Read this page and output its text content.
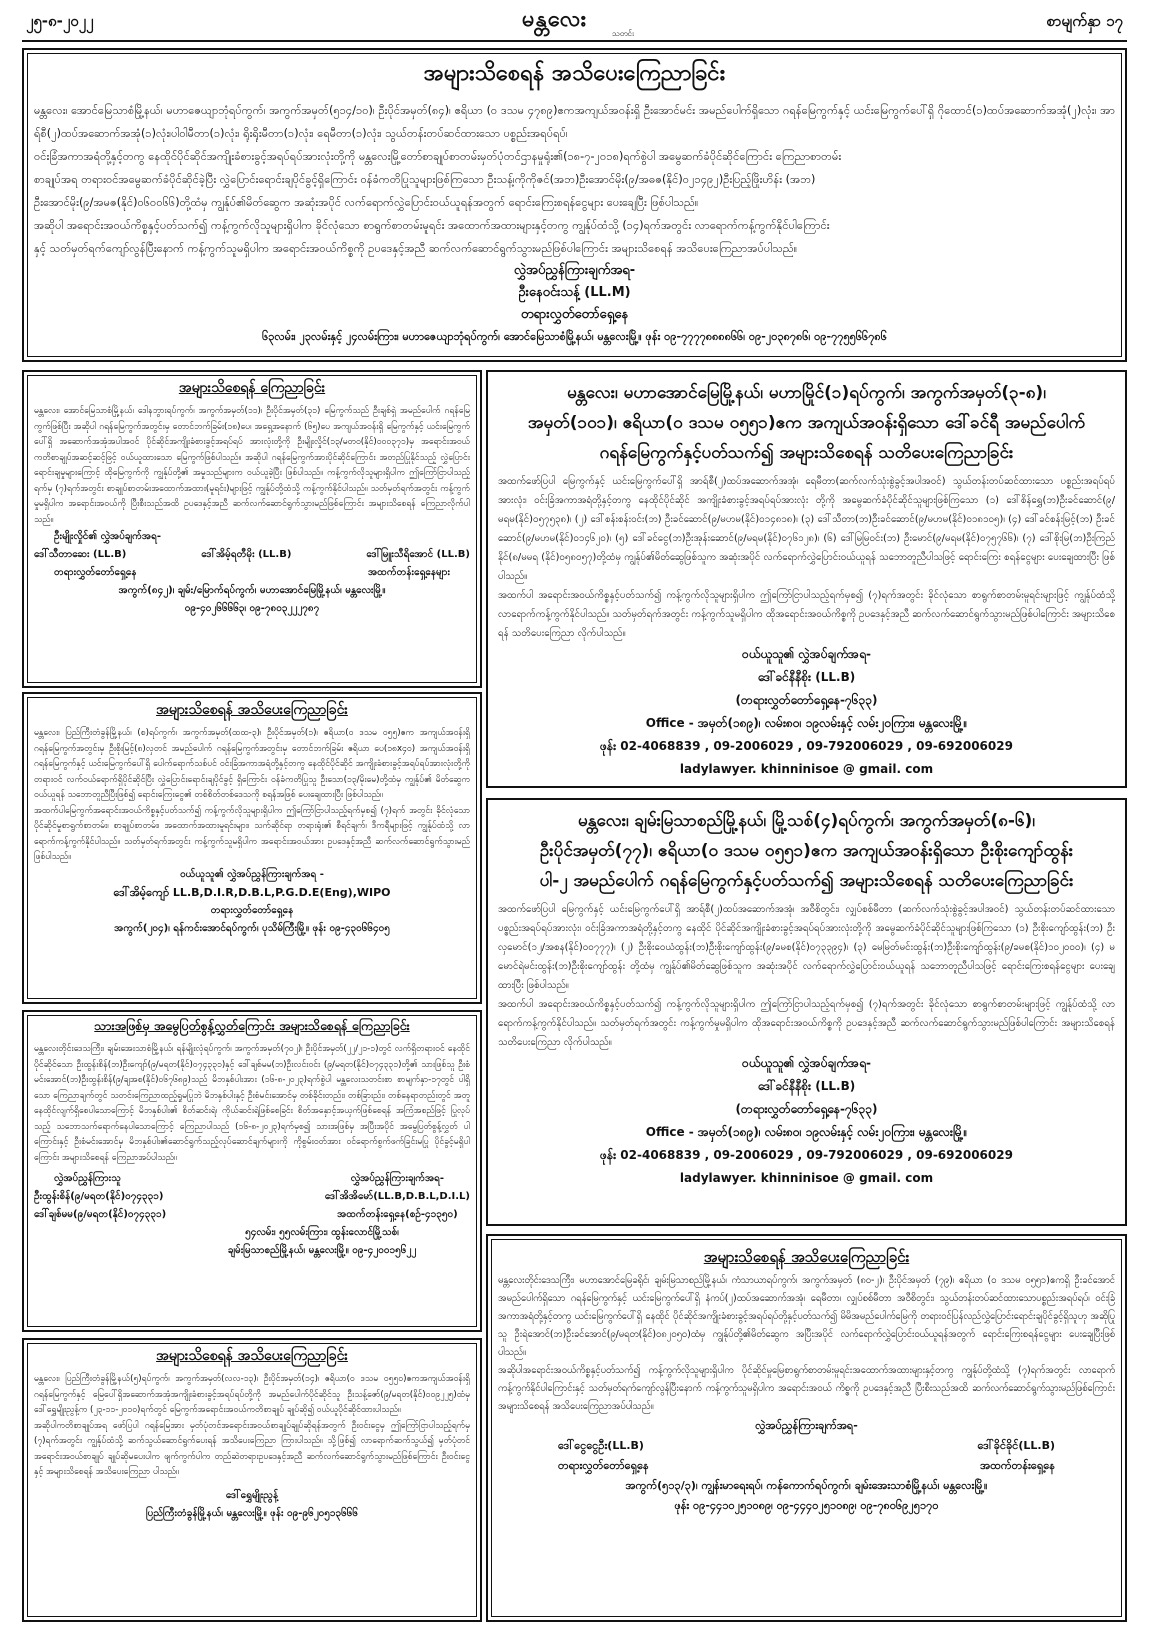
၂၅-၈-၂၀၂၂	မန္တလေး
သတင်း
စာမျက်နှာ ၁၇
အများသိစေရန် အသိပေးကြေညာခြင်း

မန္တလေး၊ အောင်မြေသာစံမြို့နယ်၊ မဟာဇေယျာဘုံရပ်ကွက်၊ အကွက်အမှတ်(၅၁၄/၁၀)၊ ဦးပိုင်အမှတ်(၈၄)၊ ဧရိယာ (၀ ဒသမ ၄၇၈၉)ဧကအကျယ်အဝန်းရှိ ဦးအောင်မင်း အမည်ပေါက်ရှိသော ဂရန်မြေကွက်နှင့် ယင်းမြေကွက်ပေါ်ရှိ ဂိုထောင်(၁)ထပ်အဆောက်အအုံ(၂)လုံး၊ အာရ်စီ(၂)ထပ်အဆောက်အအုံ(၁)လုံး၊ပါဝါမီတာ(၁)လုံး၊ ရိုးရိုးမီတာ(၁)လုံး၊ ရေမီတာ(၁)လုံး၊ သွယ်တန်းတပ်ဆင်ထားသော ပစ္စည်းအရပ်ရပ်၊

ဝင်းခြံအကာအရံတို့နှင့်တကွ နေထိုင်ပိုင်ဆိုင်အကျိုးခံစားခွင့်အရပ်ရပ်အားလုံးတို့ကို မန္တလေးမြို့တော်စာချုပ်စာတမ်းမှတ်ပုံတင်ဌာနမှုရုံး၏(၁၈-၇-၂၀၁၈)ရက်စွဲပါ အမွေဆက်ခံပိုင်ဆိုင်ကြောင်း ကြေညာစာတမ်း

စာချုပ်အရ တရားဝင်အမွေဆက်ခံပိုင်ဆိုင်ခဲ့ပြီး လွှဲပြောင်းရောင်းချပိုင်ခွင့်ရှိကြောင်း ဝန်ခံကတိပြုသူများဖြစ်ကြသော ဦးသန့်၊ကိုကိုဇင်(အဘ)ဦးအောင်မိုး(၉/အဓဇ(နိုင်)၀၂၁၄၉၂)ဦးပြည့်ဖြိုးဟိန်း (အဘ)

ဦးအောင်မိုး(၉/အမဇ(နိုင်)၀၆၀၀၆၆)တို့ထံမှ ကျွန်ုပ်၏မိတ်ဆွေက အဆုံးအပိုင် လက်ရောက်လွှဲပြောင်းဝယ်ယူရန်အတွက် ရောင်းကြေးစရန်ငွေများ ပေးချေပြီး ဖြစ်ပါသည်။

အဆိုပါ အရောင်းအဝယ်ကိစ္စနှင့်ပတ်သက်၍ ကန့်ကွက်လိုသူများရှိပါက ခိုင်လုံသော စာရွက်စာတမ်းမူရင်း အထောက်အထားများနှင့်တကွ ကျွန်ုပ်ထံသို့ (၁၄)ရက်အတွင်း လာရောက်ကန့်ကွက်နိုင်ပါကြောင်း

နှင့် သတ်မှတ်ရက်ကျော်လွန်ပြီးနောက် ကန့်ကွက်သူမရှိပါက အရောင်းအဝယ်ကိစ္စကို ဥပဒေနှင့်အညီ ဆက်လက်ဆောင်ရွက်သွားမည်ဖြစ်ပါကြောင်း အများသိစေရန် အသိပေးကြေညာအပ်ပါသည်။

လွှဲအပ်ညွှန်ကြားချက်အရ-
ဦးနေဝင်းသန့် (LL.M)
တရားလွှတ်တော်ရှေ့နေ
၆၃လမ်း၊ ၂၃လမ်းနှင့် ၂၄လမ်းကြား၊ မဟာဇေယျာဘုံရပ်ကွက်၊ အောင်မြေသာစံမြို့နယ်၊ မန္တလေးမြို့။ ဖုန်း ၀၉-၇၇၇၇၈၈၈၈၆၆၊ ၀၉-၂၀၃၈၇၈၆၊ ၀၉-၇၇၅၅၆၆၇၈၆
အများသိစေရန် ကြေညာခြင်း
မန္တလေး၊ အောင်မြေသာစံမြို့နယ်၊ ဒေါနဘွားရပ်ကွက်၊ အကွက်အမှတ်(၁၁)၊ ဦးပိုင်အမှတ်(၃၁) မြေကွက်သည် ဦးချစ်ရှဲ အမည်ပေါက် ဂရန်မြေကွက်ဖြစ်ပြီး အဆိုပါ ဂရန်မြေကွက်အတွင်းမှ တောင်ဘက်ခြမ်း(၁၈)ပေ၊ အရှေ့အနောက် (၆၅)ပေ အကျယ်အဝန်းရှိ မြေကွက်နှင့် ယင်းမြေကွက်ပေါ်ရှိ အဆောက်အအုံအပါအဝင် ပိုင်ဆိုင်အကျိုးခံစားခွင့်အရပ်ရပ် အားလုံးတို့ကို ဦးမျိုးလှိုင်(၁၃/မတဝ(နိုင်)၀၀၀၃၇၁)မှ အရောင်းအဝယ်ကတိစာချုပ်အဆင့်ဆင့်ဖြင့် ဝယ်ယူထားသော မြေကွက်ဖြစ်ပါသည်။ အဆိုပါ ဂရန်မြေကွက်အားပိုင်ဆိုင်ကြောင်း အတည်ပြုနိုင်သည့် လွှဲပြောင်းရောင်းချမှုများကြောင့် ထိုမြေကွက်ကို ကျွန်ုပ်တို့၏ အမှုသည်များက ဝယ်ယူခဲ့ပြီး ဖြစ်ပါသည်။ ကန့်ကွက်လိုသူများရှိပါက ဤကြော်ငြာပါသည့်ရက်မှ (၇)ရက်အတွင်း စာချုပ်စာတမ်းအထောက်အထား(မူရင်း)များဖြင့် ကျွန်ုပ်တို့ထံသို့ ကန့်ကွက်နိုင်ပါသည်။ သတ်မှတ်ရက်အတွင်း ကန့်ကွက်မှုမရှိပါက အရောင်းအဝယ်ကို ပြီးစီးသည်အထိ ဥပဒေနှင့်အညီ ဆက်လက်ဆောင်ရွက်သွားမည်ဖြစ်ကြောင်း အများသိစေရန် ကြေညာလိုက်ပါသည်။
ဦးမျိုးလှိုင်၏ လွှဲအပ်ချက်အရ-
ဒေါ်သီတာဆေး (LL.B)	ဒေါ်အိမ့်ရတီမိုး (LL.B)	ဒေါ်မြူးသီရိအောင် (LL.B)
တရားလွှတ်တော်ရှေ့နေ	အထက်တန်းရှေ့နေများ
အကွက်(၈၄၂)၊ ချမ်း/မြောက်ရပ်ကွက်၊ မဟာအောင်မြေမြို့နယ်၊ မန္တလေးမြို့။
၀၉-၄၀၂၆၆၆၆၃၊ ၀၉-၇၈၀၃၂၂၂၇၈၇
အများသိစေရန် အသိပေးကြေညာခြင်း

မန္တလေး၊ ပြည်ကြီးတံခွန်မြို့နယ်၊ (စ)ရပ်ကွက်၊ အကွက်အမှတ်(ထထ-၃)၊ ဦးပိုင်အမှတ်(၁)၊ ဧရိယာ(၀ ဒသမ ၀၅၅)ဧက အကျယ်အဝန်းရှိ ဂရန်မြေကွက်အတွင်းမှ ဦးစိုးမြင့်(၈)လှတင် အမည်ပေါက် ဂရန်မြေကွက်အတွင်းမှ တောင်ဘက်ခြမ်း ဧရိယာ ပေ(၁၈x၄၀) အကျယ်အဝန်းရှိ ဂရန်မြေကွက်နှင့် ယင်းမြေကွက်ပေါ်ရှိ ပေါက်ရောက်သစ်ပင် ဝင်းခြံအကာအရံတို့နှင့်တကွ နေထိုင်ပိုင်ဆိုင် အကျိုးခံစားခွင့်အရပ်ရပ်အားလုံးတို့ကို တရားဝင် လက်ဝယ်ရောက်ရှိပိုင်ဆိုင်ပြီး လွှဲပြောင်းရောင်းချပိုင်ခွင့် ရှိကြောင်း ဝန်ခံကတိပြုသူ ဦးသော(၁၃/မိုးမေ)တို့ထံမှ ကျွန်ုပ်၏ မိတ်ဆွေက ဝယ်ယူရန် သဘောတူညီပြီးဖြစ်၍ ရောင်းကြေးငွေ၏ တစ်စိတ်တစ်ဒေသကို စရန်အဖြစ် ပေးချေထားပြီး ဖြစ်ပါသည်။

အထက်ပါမြေကွက်အရောင်းအဝယ်ကိစ္စနှင့်ပတ်သက်၍ ကန့်ကွက်လိုသူများရှိပါက ဤကြော်ငြာပါသည့်ရက်မှစ၍ (၇)ရက် အတွင်း ခိုင်လုံသောပိုင်ဆိုင်မှုစာရွက်စာတမ်း၊ စာချုပ်စာတမ်း၊ အထောက်အထားမူရင်းများ၊ သက်ဆိုင်ရာ တရားရုံး၏ စီရင်ချက်၊ ဒီကရီများဖြင့် ကျွန်ုပ်ထံသို့ လာရောက်ကန့်ကွက်နိုင်ပါသည်။ သတ်မှတ်ရက်အတွင်း ကန့်ကွက်သူမရှိပါက အရောင်းအဝယ်အား ဥပဒေနှင့်အညီ ဆက်လက်ဆောင်ရွက်သွားမည်ဖြစ်ပါသည်။

ဝယ်ယူသူ၏ လွှဲအပ်ညွှန်ကြားချက်အရ -
ဒေါ်အိမ့်ကျော် LL.B,D.I.R,D.B.L,P.G.D.E(Eng),WIPO
တရားလွှတ်တော်ရှေ့နေ
အကွက်(၂၀၄)၊ ရန်ကင်းအောင်ရပ်ကွက်၊ ပုသိမ်ကြီးမြို့။ ဖုန်း ၀၉-၄၃၀၆၆၄၀၅
သားအဖြစ်မှ အမွေပြတ်စွန့်လွှတ်ကြောင်း အများသိစေရန် ကြေညာခြင်း
မန္တလေးတိုင်းဒေသကြီး၊ ချမ်းအေးသာစံမြို့နယ်၊ ရန်မျိုးလုံရပ်ကွက်၊ အကွက်အမှတ်(၇၀၂)၊ ဦးပိုင်အမှတ်(၂၂/၂၁-၁)တွင် လက်ရှိတရားဝင် နေထိုင်ပိုင်ဆိုင်သော ဦးထွန်းစိန်(ဘ)ဦးကျော်(၉/မရတ(နိုင်)၀၇၄၃၃၁)နှင့် ဒေါ်ချစ်မမ(ဘ)ဦးလင်းဝင်း (၉/မရတ(နိုင်)၀၇၄၃၃၁)တို့၏ သားဖြစ်သူ ဦးစံမင်းအောင်(ဘ)ဦးထွန်းစိန်(၉/ချအစ(နိုင်)၀၆၇၆၈၉)သည် မိဘနှစ်ပါးအား (၁၆-၈-၂၀၂၃)ရက်စွဲပါ မန္တလေးသတင်းစာ စာမျက်နှာ-၁၇တွင် ပါရှိသော ကြေညာချက်တွင် သတင်းကြေညာထည့်ရှုမပြုဘဲ မိဘနှစ်ပါးနှင့် ဦးစံမင်းအောင်မှ တစ်ခိုင်းတည်း၊ တစ်ခြားည်း၊ တစ်နေရာတည်းတွင် အတူနေထိုင်လျက်ရှိစေပါသောကြောင့် မိဘနှစ်ပါး၏ စိတ်ဆင်းရဲ၊ ကိုယ်ဆင်းရဲဖြစ်စေခြင်း စိတ်အနှောင့်အယှက်ဖြစ်စေရန် အကြံအစည်ဖြင့် ပြုလုပ်သည့် သဘောသက်ရောက်နေပါသောကြောင့် ကြေညာပါသည် (၁၆-၈-၂၀၂၃)ရက်မှစ၍ သားအဖြစ်မှ အပြီးအပိုင် အမွေပြတ်စွန့်လွှတ် ပါကြောင်းနှင့် ဦးစံမင်းအောင်မှ မိဘနှစ်ပါး၏ဆောင်ရွက်သည့်လုပ်ဆောင်ချက်များကို ကိုစွမ်းဝတ်အား ဝင်ရောက်စွက်ဖက်ခြင်းမပြု ပိုင်ခွင့်မရှိပါကြောင်း အများသိစေရန် ကြေညာအပ်ပါသည်။
လွှဲအပ်ညွှန်ကြားသူ
ဦးထွန်းစိန်(၉/မရတ(နိုင်)၀၇၄၃၃၁)
ဒေါ်ချစ်မမ(၉/မရတ(နိုင်)၀၇၄၃၃၁)
လွှဲအပ်ညွှန်ကြားချက်အရ-
ဒေါ်အိအိမော်(LL.B,D.B.L,D.I.L)
အထက်တန်းရှေ့နေ(စဉ်-၄၁၃၅၀)
၅၄လမ်း၊ ၅၅လမ်းကြား၊ ထွန်းလောင်မြို့သစ်၊
ချမ်းမြသာစည်မြို့နယ်၊ မန္တလေးမြို့။ ၀၉-၄၂၀၀၁၅၆၂၂
အများသိစေရန် အသိပေးကြေညာခြင်း

မန္တလေး၊ ပြည်ကြီးတံခွန်မြို့နယ်(၅)ရပ်ကွက်၊ အကွက်အမှတ်(လလ-၁၃)၊ ဦးပိုင်အမှတ်(၁၄)၊ ဧရိယာ(၀ ဒသမ ၀၅၅၀)ဧကအကျယ်အဝန်းရှိ ဂရန်မြေကွက်နှင့် မြေပေါ်ရှိအဆောက်အအုံအကျိုးခံစားခွင့်အရပ်ရပ်တို့ကို အမည်ပေါက်ပိုင်ဆိုင်သူ ဦးသန့်ဇော်(၉/မရတ(နိုင်)၀၀၉၂၂၅)ထံမှ ဒေါ်ရွှေမျိုးညွန့်က (၂၃-၁၁-၂၀၁၀)ရက်တွင် မြေကွက်အရောင်းအဝယ်ကတိစာချုပ် ချုပ်ဆို၍ ဝယ်ယူပိုင်ဆိုင်ထားပါသည်။

အဆိုပါကတိစာချုပ်အရ ဖော်ပြပါ ဂရန်မြေအား မှတ်ပုံတင်အရောင်းအဝယ်စာချုပ်ချုပ်ဆိုရန်အတွက် ဦးဝင်းငွေမှ ဤကြော်ငြာပါသည့်ရက်မှ (၇)ရက်အတွင်း ကျွန်ုပ်ထံသို့ ဆက်သွယ်ဆောင်ရွက်ပေးရန် အသိပေးကြေညာ ကြားပါသည်။ သို့ဖြစ်၍ လာရောက်ဆက်သွယ်၍ မှတ်ပုံတင်အရောင်းအဝယ်စာချုပ် ချုပ်ဆိုမပေးပါက ဖျက်ကွက်ပါက တည်ဆဲတရားဥပဒေနှင့်အညီ ဆက်လက်ဆောင်ရွက်သွားမည်ဖြစ်ကြောင်း ဦးဝင်းငွေနှင့် အများသိစေရန် အသိပေးကြေညာ ပါသည်။

ဒေါ်ရွှေမျိုးညွန့်
ပြည်ကြီးတံခွန်မြို့နယ်၊ မန္တလေးမြို့။ ဖုန်း ၀၉-၉၆၂၀၅၁၃၆၆၆
မန္တလေး၊ မဟာအောင်မြေမြို့နယ်၊ မဟာမြိုင်(၁)ရပ်ကွက်၊ အကွက်အမှတ်(၃-၈)၊
အမှတ်(၁၀၁)၊ ဧရိယာ(၀ ဒသမ ၀၅၅၁)ဧက အကျယ်အဝန်းရှိသော ဒေါ်ခင်ရီ အမည်ပေါက်
ဂရန်မြေကွက်နှင့်ပတ်သက်၍ အများသိစေရန် သတိပေးကြေညာခြင်း

အထက်ဖော်ပြပါ မြေကွက်နှင့် ယင်းမြေကွက်ပေါ်ရှိ အာရ်စီ(၂)ထပ်အဆောက်အအုံ၊ ရေမီတာ(ဆက်လက်သုံးစွဲခွင့်အပါအဝင်) သွယ်တန်းတပ်ဆင်ထားသော ပစ္စည်းအရပ်ရပ်အားလုံး၊ ဝင်းခြံအကာအရံတို့နှင့်တကွ နေထိုင်ပိုင်ဆိုင် အကျိုးခံစားခွင့်အရပ်ရပ်အားလုံး တို့ကို အမွေဆက်ခံပိုင်ဆိုင်သူများဖြစ်ကြသော (၁) ဒေါ်စိန်ရွှေ(ဘ)ဦးခင်ဆောင်(၉/မရမ(နိုင်)၀၅၇၅၃၈)၊ (၂) ဒေါ်စန်းစန်းဝင်း(ဘ) ဦးခင်ဆောင်(၉/မဟမ(နိုင်)၀၁၄၈၁၈)၊ (၃) ဒေါ်သီတာ(ဘ)ဦးခင်ဆောင်(၉/မဟမ(နိုင်)၀၁၈၁၀၅)၊ (၄) ဒေါ်ခင်စန်းမြင့်(ဘ) ဦးခင်ဆောင်(၉/မဟမ(နိုင်)၀၁၄၆၂၀)၊ (၅) ဒေါ်ခင်ငွေ(ဘ)ဦးအုန်းဆောင်(၉/မရမ(နိုင်)၀၇၆၁၂၈)၊ (၆) ဒေါ်မြမြဝင်း(ဘ) ဦးမောင်(၉/မရမ(နိုင်)၀၇၅၇၆၆)၊ (၇) ဒေါ်စိုးမြ(ဘ)ဦးကြည်နိုင်(၈/မမရ (နိုင်)၀၅၈၀၅၇)တို့ထံမှ ကျွန်ုပ်၏မိတ်ဆွေဖြစ်သူက အဆုံးအပိုင် လက်ရောက်လွှဲပြောင်းဝယ်ယူရန် သဘောတူညီပါသဖြင့် ရောင်းကြေး စရန်ငွေများ ပေးချေထားပြီး ဖြစ်ပါသည်။

အထက်ပါ အရောင်းအဝယ်ကိစ္စနှင့်ပတ်သက်၍ ကန့်ကွက်လိုသူများရှိပါက ဤကြော်ငြာပါသည့်ရက်မှစ၍ (၇)ရက်အတွင်း ခိုင်လုံသော စာရွက်စာတမ်းမူရင်းများဖြင့် ကျွန်ုပ်ထံသို့ လာရောက်ကန့်ကွက်နိုင်ပါသည်။ သတ်မှတ်ရက်အတွင်း ကန့်ကွက်သူမရှိပါက ထိုအရောင်းအဝယ်ကိစ္စကို ဥပဒေနှင့်အညီ ဆက်လက်ဆောင်ရွက်သွားမည်ဖြစ်ပါကြောင်း အများသိစေရန် သတိပေးကြေညာ လိုက်ပါသည်။

ဝယ်ယူသူ၏ လွှဲအပ်ချက်အရ-
ဒေါ်ခင်နီနီစိုး (LL.B)
(တရားလွှတ်တော်ရှေ့နေ-၇၆၃၃)
Office - အမှတ်(၁၈၉)၊ လမ်း၈၀၊ ၁၉လမ်းနှင့် လမ်း၂၀ကြား၊ မန္တလေးမြို့။
ဖုန်း 02-4068839 , 09-2006029 , 09-792006029 , 09-692006029
ladylawyer. khinninisoe @ gmail. com
မန္တလေး၊ ချမ်းမြသာစည်မြို့နယ်၊ မြို့သစ်(၄)ရပ်ကွက်၊ အကွက်အမှတ်(၈-၆)၊
ဦးပိုင်အမှတ်(၇၇)၊ ဧရိယာ(၀ ဒသမ ၀၅၅၁)ဧက အကျယ်အဝန်းရှိသော ဦးစိုးကျော်ထွန်း
ပါ-၂ အမည်ပေါက် ဂရန်မြေကွက်နှင့်ပတ်သက်၍ အများသိစေရန် သတိပေးကြေညာခြင်း

အထက်ဖော်ပြပါ မြေကွက်နှင့် ယင်းမြေကွက်ပေါ်ရှိ အာရ်စီ(၂)ထပ်အဆောက်အအုံ၊ အဝီစိတွင်း၊ လျှပ်စစ်မီတာ (ဆက်လက်သုံးစွဲခွင့်အပါအဝင်) သွယ်တန်းတပ်ဆင်ထားသော ပစ္စည်းအရပ်ရပ်အားလုံး၊ ဝင်းခြံအကာအရံတို့နှင့်တကွ နေထိုင် ပိုင်ဆိုင်အကျိုးခံစားခွင့်အရပ်ရပ်အားလုံးတို့ကို အမွေဆက်ခံပိုင်ဆိုင်သူများဖြစ်ကြသော (၁) ဦးစိုးကျော်ထွန်း(ဘ) ဦးလှမောင်(၁၂/အစန(နိုင်)၀၀၇၇၇)၊ (၂) ဦးစိုးဝေယံထွန်း(ဘ)ဦးစိုးကျော်ထွန်း(၉/ခမစ(နိုင်)၀၇၃၃၉၄)၊ (၃) မေမြတ်မင်းထွန်း(ဘ)ဦးစိုးကျော်ထွန်း(၉/ခမစ(နိုင်)၁၀၂၀၀၀)၊ (၄) မမောင်ရဲမင်းထွန်း(ဘ)ဦးစိုးကျော်ထွန်း တို့ထံမှ ကျွန်ုပ်၏မိတ်ဆွေဖြစ်သူက အဆုံးအပိုင် လက်ရောက်လွှဲပြောင်းဝယ်ယူရန် သဘောတူညီပါသဖြင့် ရောင်းကြေးစရန်ငွေများ ပေးချေထားပြီး ဖြစ်ပါသည်။

အထက်ပါ အရောင်းအဝယ်ကိစ္စနှင့်ပတ်သက်၍ ကန့်ကွက်လိုသူများရှိပါက ဤကြော်ငြာပါသည့်ရက်မှစ၍ (၇)ရက်အတွင်း ခိုင်လုံသော စာရွက်စာတမ်းများဖြင့် ကျွန်ုပ်ထံသို့ လာရောက်ကန့်ကွက်နိုင်ပါသည်။ သတ်မှတ်ရက်အတွင်း ကန့်ကွက်မှုမရှိပါက ထိုအရောင်းအဝယ်ကိစ္စကို ဥပဒေနှင့်အညီ ဆက်လက်ဆောင်ရွက်သွားမည်ဖြစ်ပါကြောင်း အများသိစေရန် သတိပေးကြေညာ လိုက်ပါသည်။

ဝယ်ယူသူ၏ လွှဲအပ်ချက်အရ-
ဒေါ်ခင်နီနီစိုး (LL.B)
(တရားလွှတ်တော်ရှေ့နေ-၇၆၃၃)
Office - အမှတ်(၁၈၉)၊ လမ်း၈၀၊ ၁၉လမ်းနှင့် လမ်း၂၀ကြား၊ မန္တလေးမြို့။
ဖုန်း 02-4068839 , 09-2006029 , 09-792006029 , 09-692006029
ladylawyer. khinninisoe @ gmail. com
အများသိစေရန် အသိပေးကြေညာခြင်း

မန္တလေးတိုင်းဒေသကြီး၊ မဟာအောင်မြေခရိုင်၊ ချမ်းမြသာစည်မြို့နယ်၊ ကံသာယာရပ်ကွက်၊ အကွက်အမှတ် (၈၀-၂)၊ ဦးပိုင်အမှတ် (၇၉)၊ ဧရိယာ (၀ ဒသမ ၀၅၅၁)ဧကရှိ ဦးခင်အောင် အမည်ပေါက်ရှိသော ဂရန်မြေကွက်နှင့် ယင်းမြေကွက်ပေါ်ရှိ နံကပ်(၂)ထပ်အဆောက်အအုံ၊ ရေမီတာ၊ လျှပ်စစ်မီတာ အဝီစိတွင်း၊ သွယ်တန်းတပ်ဆင်ထားသောပစ္စည်းအရပ်ရပ်၊ ဝင်းခြံအကာအရံတို့နှင့်တကွ ယင်းမြေကွက်ပေါ်ရှိ နေထိုင် ပိုင်ဆိုင်အကျိုးခံစားခွင့်အရပ်ရပ်တို့နှင့်ပတ်သက်၍ မိမိအမည်ပေါက်မြေကို တရားဝင်ပြန်လည်လွှဲပြောင်းရောင်းချပိုင်ခွင့်ရှိသူဟု အဆိုပြုသူ ဦးရဲအောင်(ဘ)ဦးခင်အောင်(၉/မရတ(နိုင်)၀၈၂၀၅၀)ထံမှ ကျွန်ုပ်တို့၏မိတ်ဆွေက အပြီးအပိုင် လက်ရောက်လွှဲပြောင်းဝယ်ယူရန်အတွက် ရောင်းကြေးစရန်ငွေများ ပေးချေပြီးဖြစ်ပါသည်။

အဆိုပါအရောင်းအဝယ်ကိစ္စနှင့်ပတ်သက်၍ ကန့်ကွက်လိုသူများရှိပါက ပိုင်ဆိုင်မှုမြေစာရွက်စာတမ်းမူရင်းအထောက်အထားများနှင့်တကွ ကျွန်ုပ်တို့ထံသို့ (၇)ရက်အတွင်း လာရောက်ကန့်ကွက်နိုင်ပါကြောင်းနှင့် သတ်မှတ်ရက်ကျော်လွန်ပြီးနောက် ကန့်ကွက်သူမရှိပါက အရောင်းအဝယ် ကိစ္စကို ဥပဒေနှင့်အညီ ပြီးစီးသည်အထိ ဆက်လက်ဆောင်ရွက်သွားမည်ဖြစ်ကြောင်း အများသိစေရန် အသိပေးကြေညာအပ်ပါသည်။

လွှဲအပ်ညွှန်ကြားချက်အရ-
ဒေါ်ငွေငွေဦး(LL.B)	ဒေါ်ခိုင်ခိုင်(LL.B)
တရားလွှတ်တော်ရှေ့နေ	အထက်တန်းရှေ့နေ
အကွက်(၅၁၃/၃)၊ ကျွန်းမာရေးရပ်၊ ကန်ကောက်ရပ်ကွက်၊ ချမ်းအေးသာစံမြို့နယ်၊ မန္တလေးမြို့။
ဖုန်း ၀၉-၄၄၁၀၂၅၁၀၈၉၊ ၀၉-၄၄၄၀၂၅၁၀၈၉၊ ၀၉-၇၈၀၆၉၂၅၁၇၀
